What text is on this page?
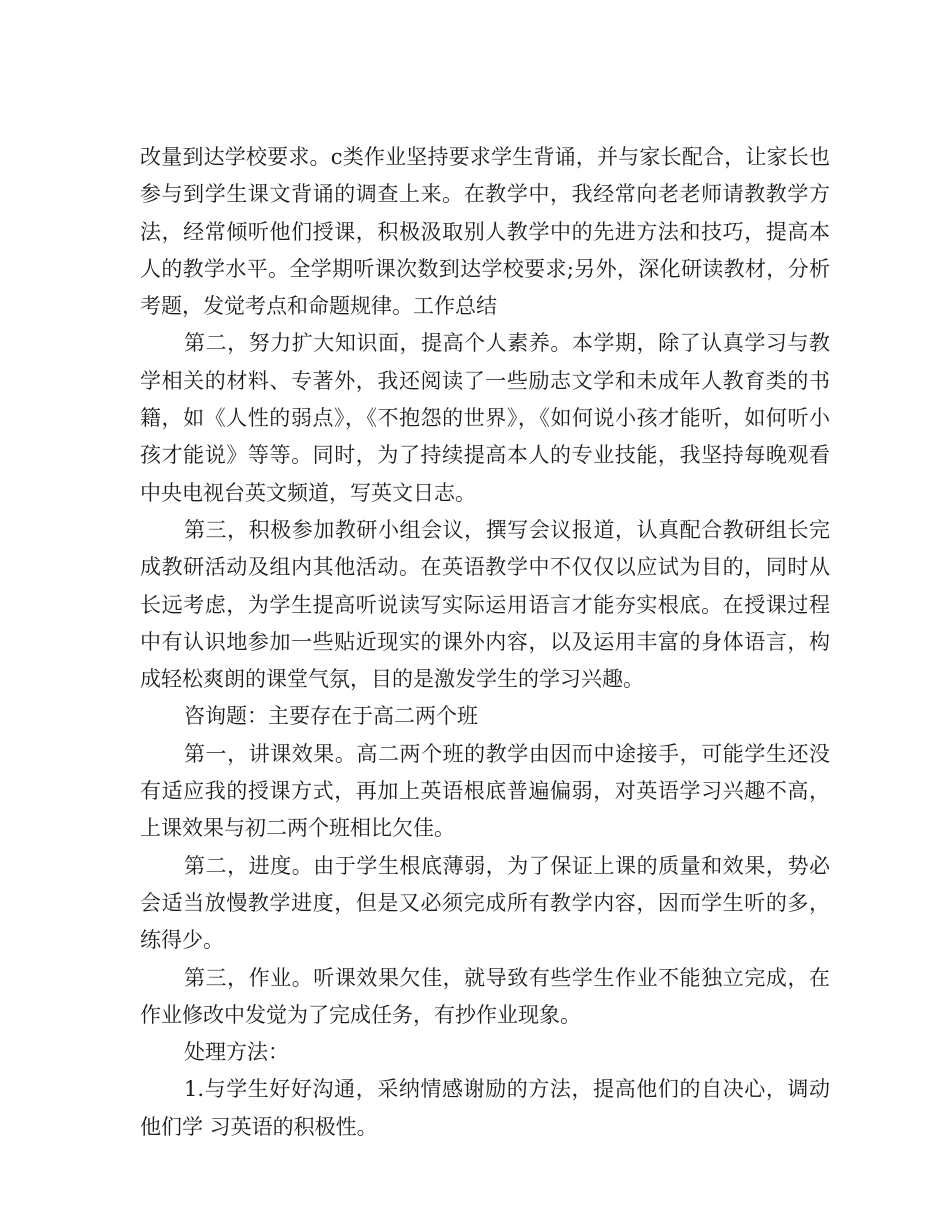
改量到达学校要求。c类作业坚持要求学生背诵，并与家长配合，让家长也参与到学生课文背诵的调查上来。在教学中，我经常向老老师请教教学方法，经常倾听他们授课，积极汲取别人教学中的先进方法和技巧，提高本人的教学水平。全学期听课次数到达学校要求;另外，深化研读教材，分析考题，发觉考点和命题规律。工作总结

第二，努力扩大知识面，提高个人素养。本学期，除了认真学习与教学相关的材料、专著外，我还阅读了一些励志文学和未成年人教育类的书籍，如《人性的弱点》，《不抱怨的世界》，《如何说小孩才能听，如何听小孩才能说》等等。同时，为了持续提高本人的专业技能，我坚持每晚观看中央电视台英文频道，写英文日志。

第三，积极参加教研小组会议，撰写会议报道，认真配合教研组长完成教研活动及组内其他活动。在英语教学中不仅仅以应试为目的，同时从长远考虑，为学生提高听说读写实际运用语言才能夯实根底。在授课过程中有认识地参加一些贴近现实的课外内容，以及运用丰富的身体语言，构成轻松爽朗的课堂气氛，目的是激发学生的学习兴趣。

咨询题：主要存在于高二两个班

第一，讲课效果。高二两个班的教学由因而中途接手，可能学生还没有适应我的授课方式，再加上英语根底普遍偏弱，对英语学习兴趣不高，上课效果与初二两个班相比欠佳。

第二，进度。由于学生根底薄弱，为了保证上课的质量和效果，势必会适当放慢教学进度，但是又必须完成所有教学内容，因而学生听的多，练得少。

第三，作业。听课效果欠佳，就导致有些学生作业不能独立完成，在作业修改中发觉为了完成任务，有抄作业现象。

处理方法：

1.与学生好好沟通，采纳情感谢励的方法，提高他们的自决心，调动他们学 习英语的积极性。
